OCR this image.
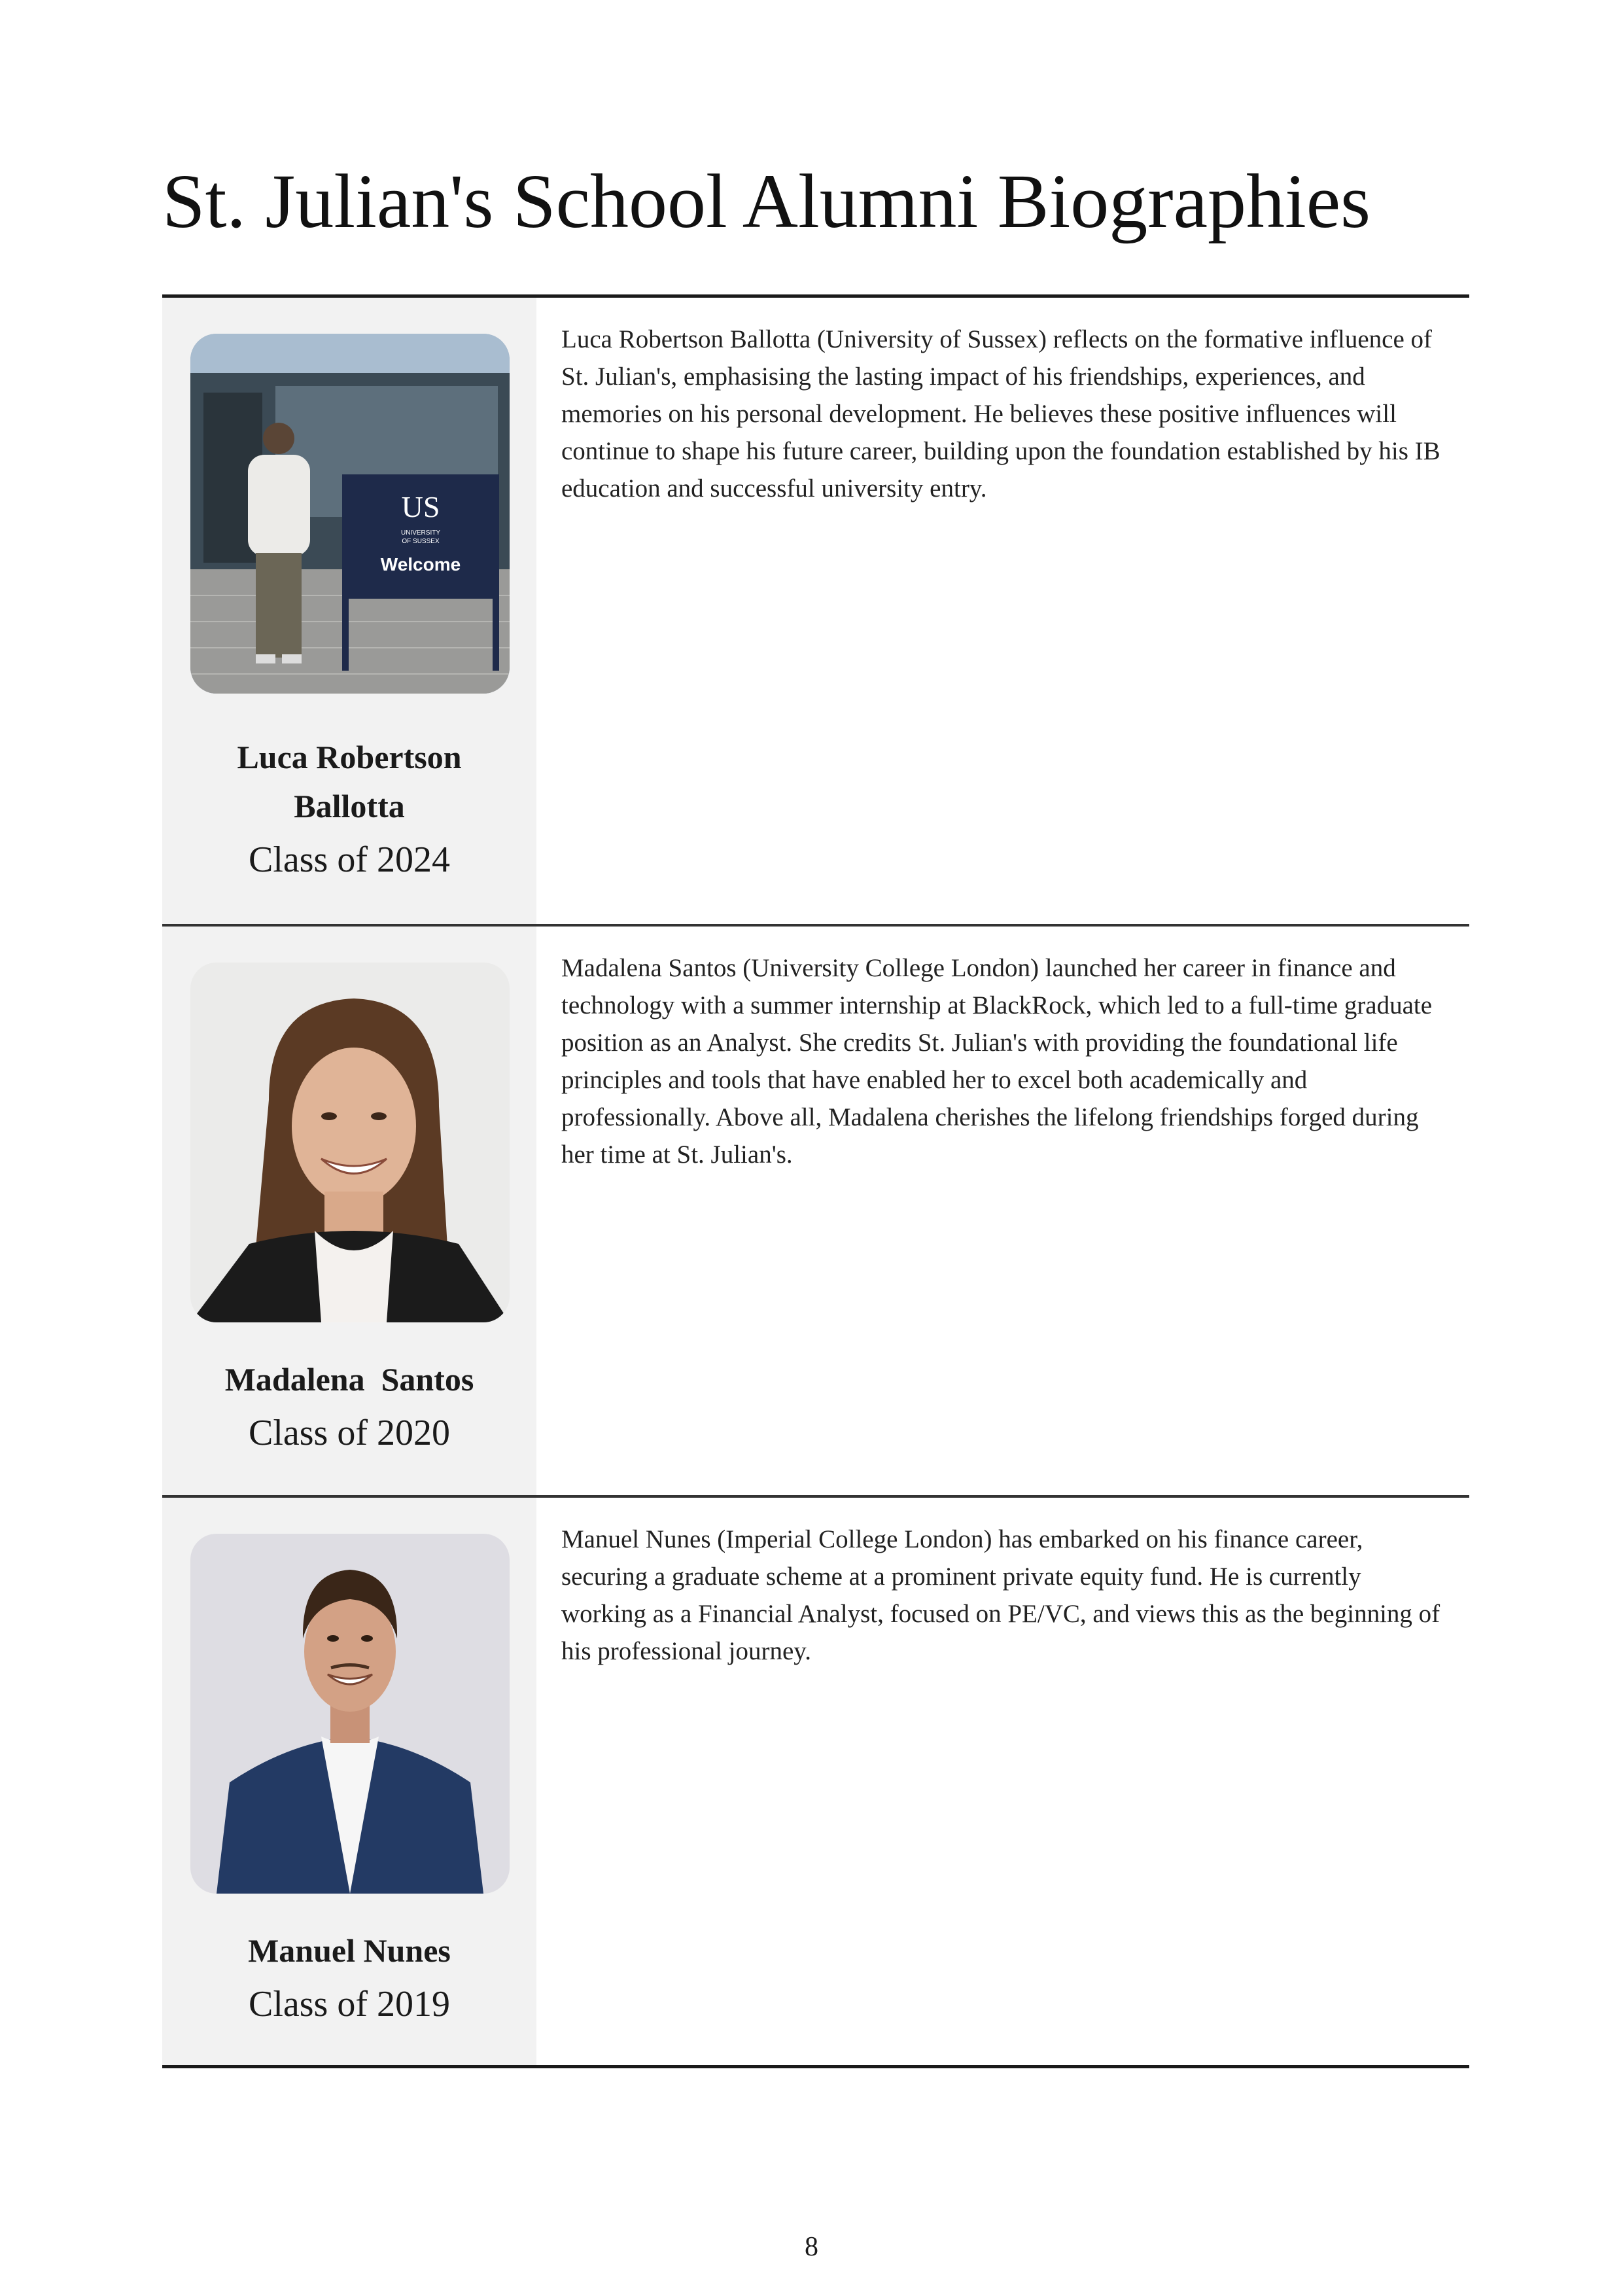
St. Julian's School Alumni Biographies
US
UNIVERSITY
OF SUSSEX
Welcome
Luca Robertson Ballotta
Class of 2024
Luca Robertson Ballotta (University of Sussex) reflects on the formative influence of St. Julian's, emphasising the lasting impact of his friendships, experiences, and memories on his personal development. He believes these positive influences will continue to shape his future career, building upon the foundation established by his IB education and successful university entry.
Madalena  Santos
Class of 2020
Madalena Santos (University College London) launched her career in finance and technology with a summer internship at BlackRock, which led to a full-time graduate position as an Analyst. She credits St. Julian's with providing the foundational life principles and tools that have enabled her to excel both academically and professionally. Above all, Madalena cherishes the lifelong friendships forged during her time at St. Julian's.
Manuel Nunes
Class of 2019
Manuel Nunes (Imperial College London) has embarked on his finance career, securing a graduate scheme at a prominent private equity fund. He is currently working as a Financial Analyst, focused on PE/VC, and views this as the beginning of his professional journey.
8
